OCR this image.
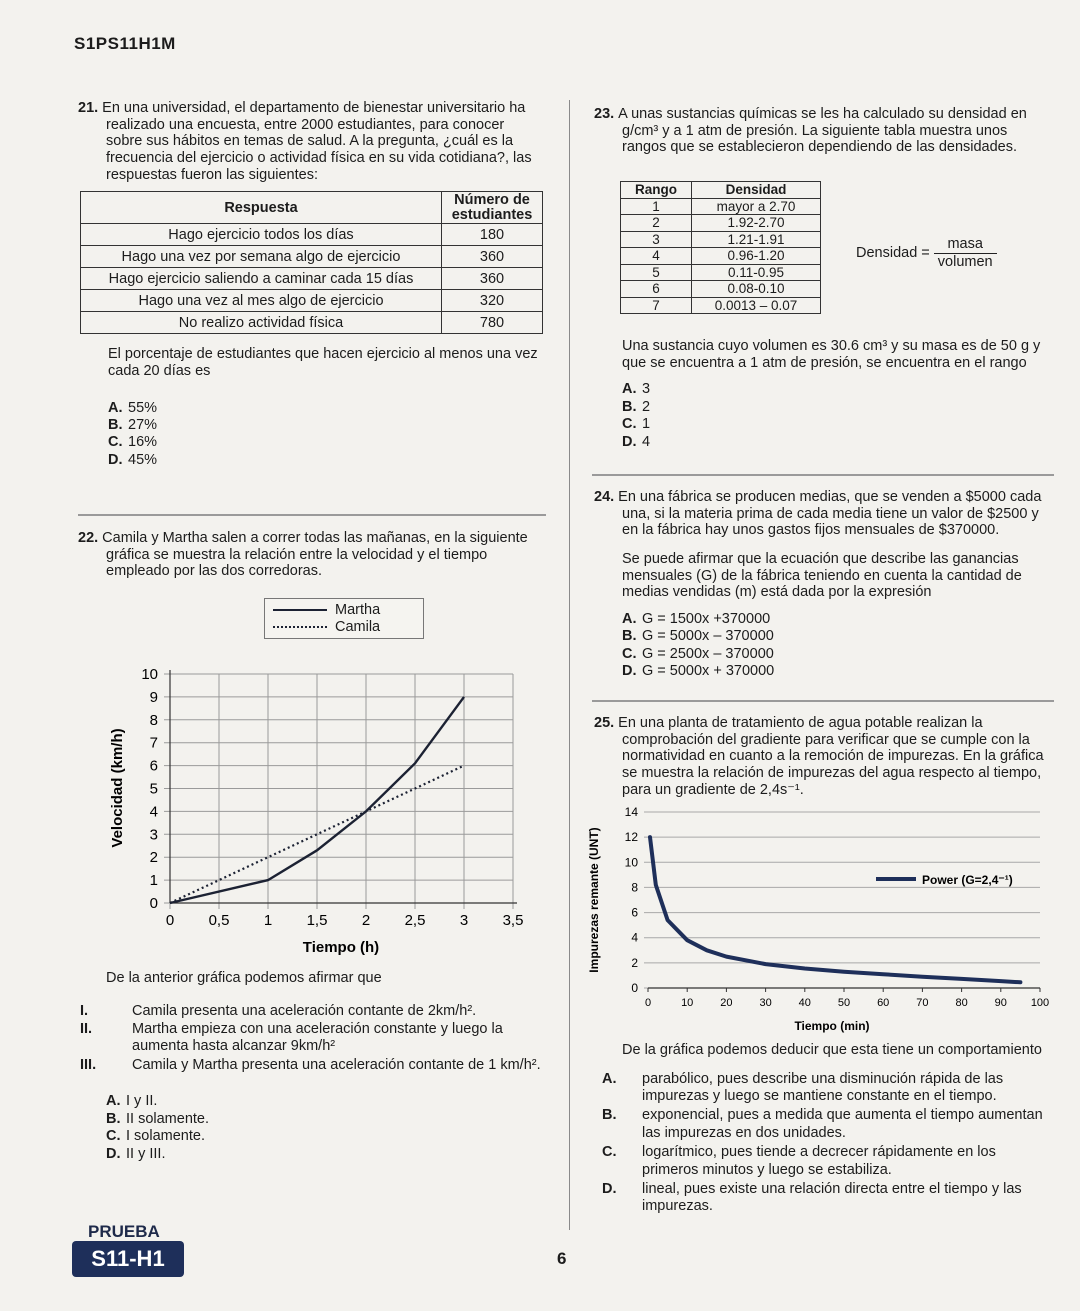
S1PS11H1M

21. En una universidad, el departamento de bienestar universitario ha realizado una encuesta, entre 2000 estudiantes, para conocer sobre sus hábitos en temas de salud. A la pregunta, ¿cuál es la frecuencia del ejercicio o actividad física en su vida cotidiana?, las respuestas fueron las siguientes:

Respuesta	Número de estudiantes
Hago ejercicio todos los días	180
Hago una vez por semana algo de ejercicio	360
Hago ejercicio saliendo a caminar cada 15 días	360
Hago una vez al mes algo de ejercicio	320
No realizo actividad física	780

El porcentaje de estudiantes que hacen ejercicio al menos una vez cada 20 días es

A. 55%

B. 27%

C. 16%

D. 45%

22. Camila y Martha salen a correr todas las mañanas, en la siguiente gráfica se muestra la relación entre la velocidad y el tiempo empleado por las dos corredoras.

Martha
Camila
0
1
2
3
4
5
6
7
8
9
10
0 0,5 1 1,5 2 2,5 3 3,5
Tiempo (h)
Velocidad (km/h)

De la anterior gráfica podemos afirmar que

I.	Camila presenta una aceleración contante de 2km/h².

II.	Martha empieza con una aceleración constante y luego la aumenta hasta alcanzar 9km/h²

III. Camila y Martha presenta una aceleración contante de 1 km/h².

A. I y II.

B. II solamente.

C. I solamente.

D. II y III.

23. A unas sustancias químicas se les ha calculado su densidad en g/cm³ y a 1 atm de presión. La siguiente tabla muestra unos rangos que se establecieron dependiendo de las densidades.

Rango	Densidad
1	mayor a 2.70
2	1.92-2.70
3	1.21-1.91
4	0.96-1.20
5	0.11-0.95
6	0.08-0.10
7	0.0013 – 0.07
Densidad = $\frac{\text{masa}}{\text{volumen}}$

Una sustancia cuyo volumen es 30.6 cm³ y su masa es de 50 g y que se encuentra a 1 atm de presión, se encuentra en el rango

A. 3

B. 2

C. 1

D. 4

24. En una fábrica se producen medias, que se venden a $5000 cada una, si la materia prima de cada media tiene un valor de $2500 y en la fábrica hay unos gastos fijos mensuales de $370000.

Se puede afirmar que la ecuación que describe las ganancias mensuales (G) de la fábrica teniendo en cuenta la cantidad de medias vendidas (m) está dada por la expresión

A. G = 1500x +370000

B. G = 5000x – 370000

C. G = 2500x – 370000

D. G = 5000x + 370000

25. En una planta de tratamiento de agua potable realizan la comprobación del gradiente para verificar que se cumple con la normatividad en cuanto a la remoción de impurezas. En la gráfica se muestra la relación de impurezas del agua respecto al tiempo, para un gradiente de 2,4s⁻¹.

0
2
4
6
8
10
12
14
0	10 20 30 40 50 60 70 80 90 100
Power (G=2,4⁻¹)
Tiempo (min)
Impurezas remante (UNT)

De la gráfica podemos deducir que esta tiene un comportamiento

A. parabólico, pues describe una disminución rápida de las impurezas y luego se mantiene constante en el tiempo.

B. exponencial, pues a medida que aumenta el tiempo aumentan las impurezas en dos unidades.

C. logarítmico, pues tiende a decrecer rápidamente en los primeros minutos y luego se estabiliza.

D. lineal, pues existe una relación directa entre el tiempo y las impurezas.

PRUEBA
S11-H1	6
